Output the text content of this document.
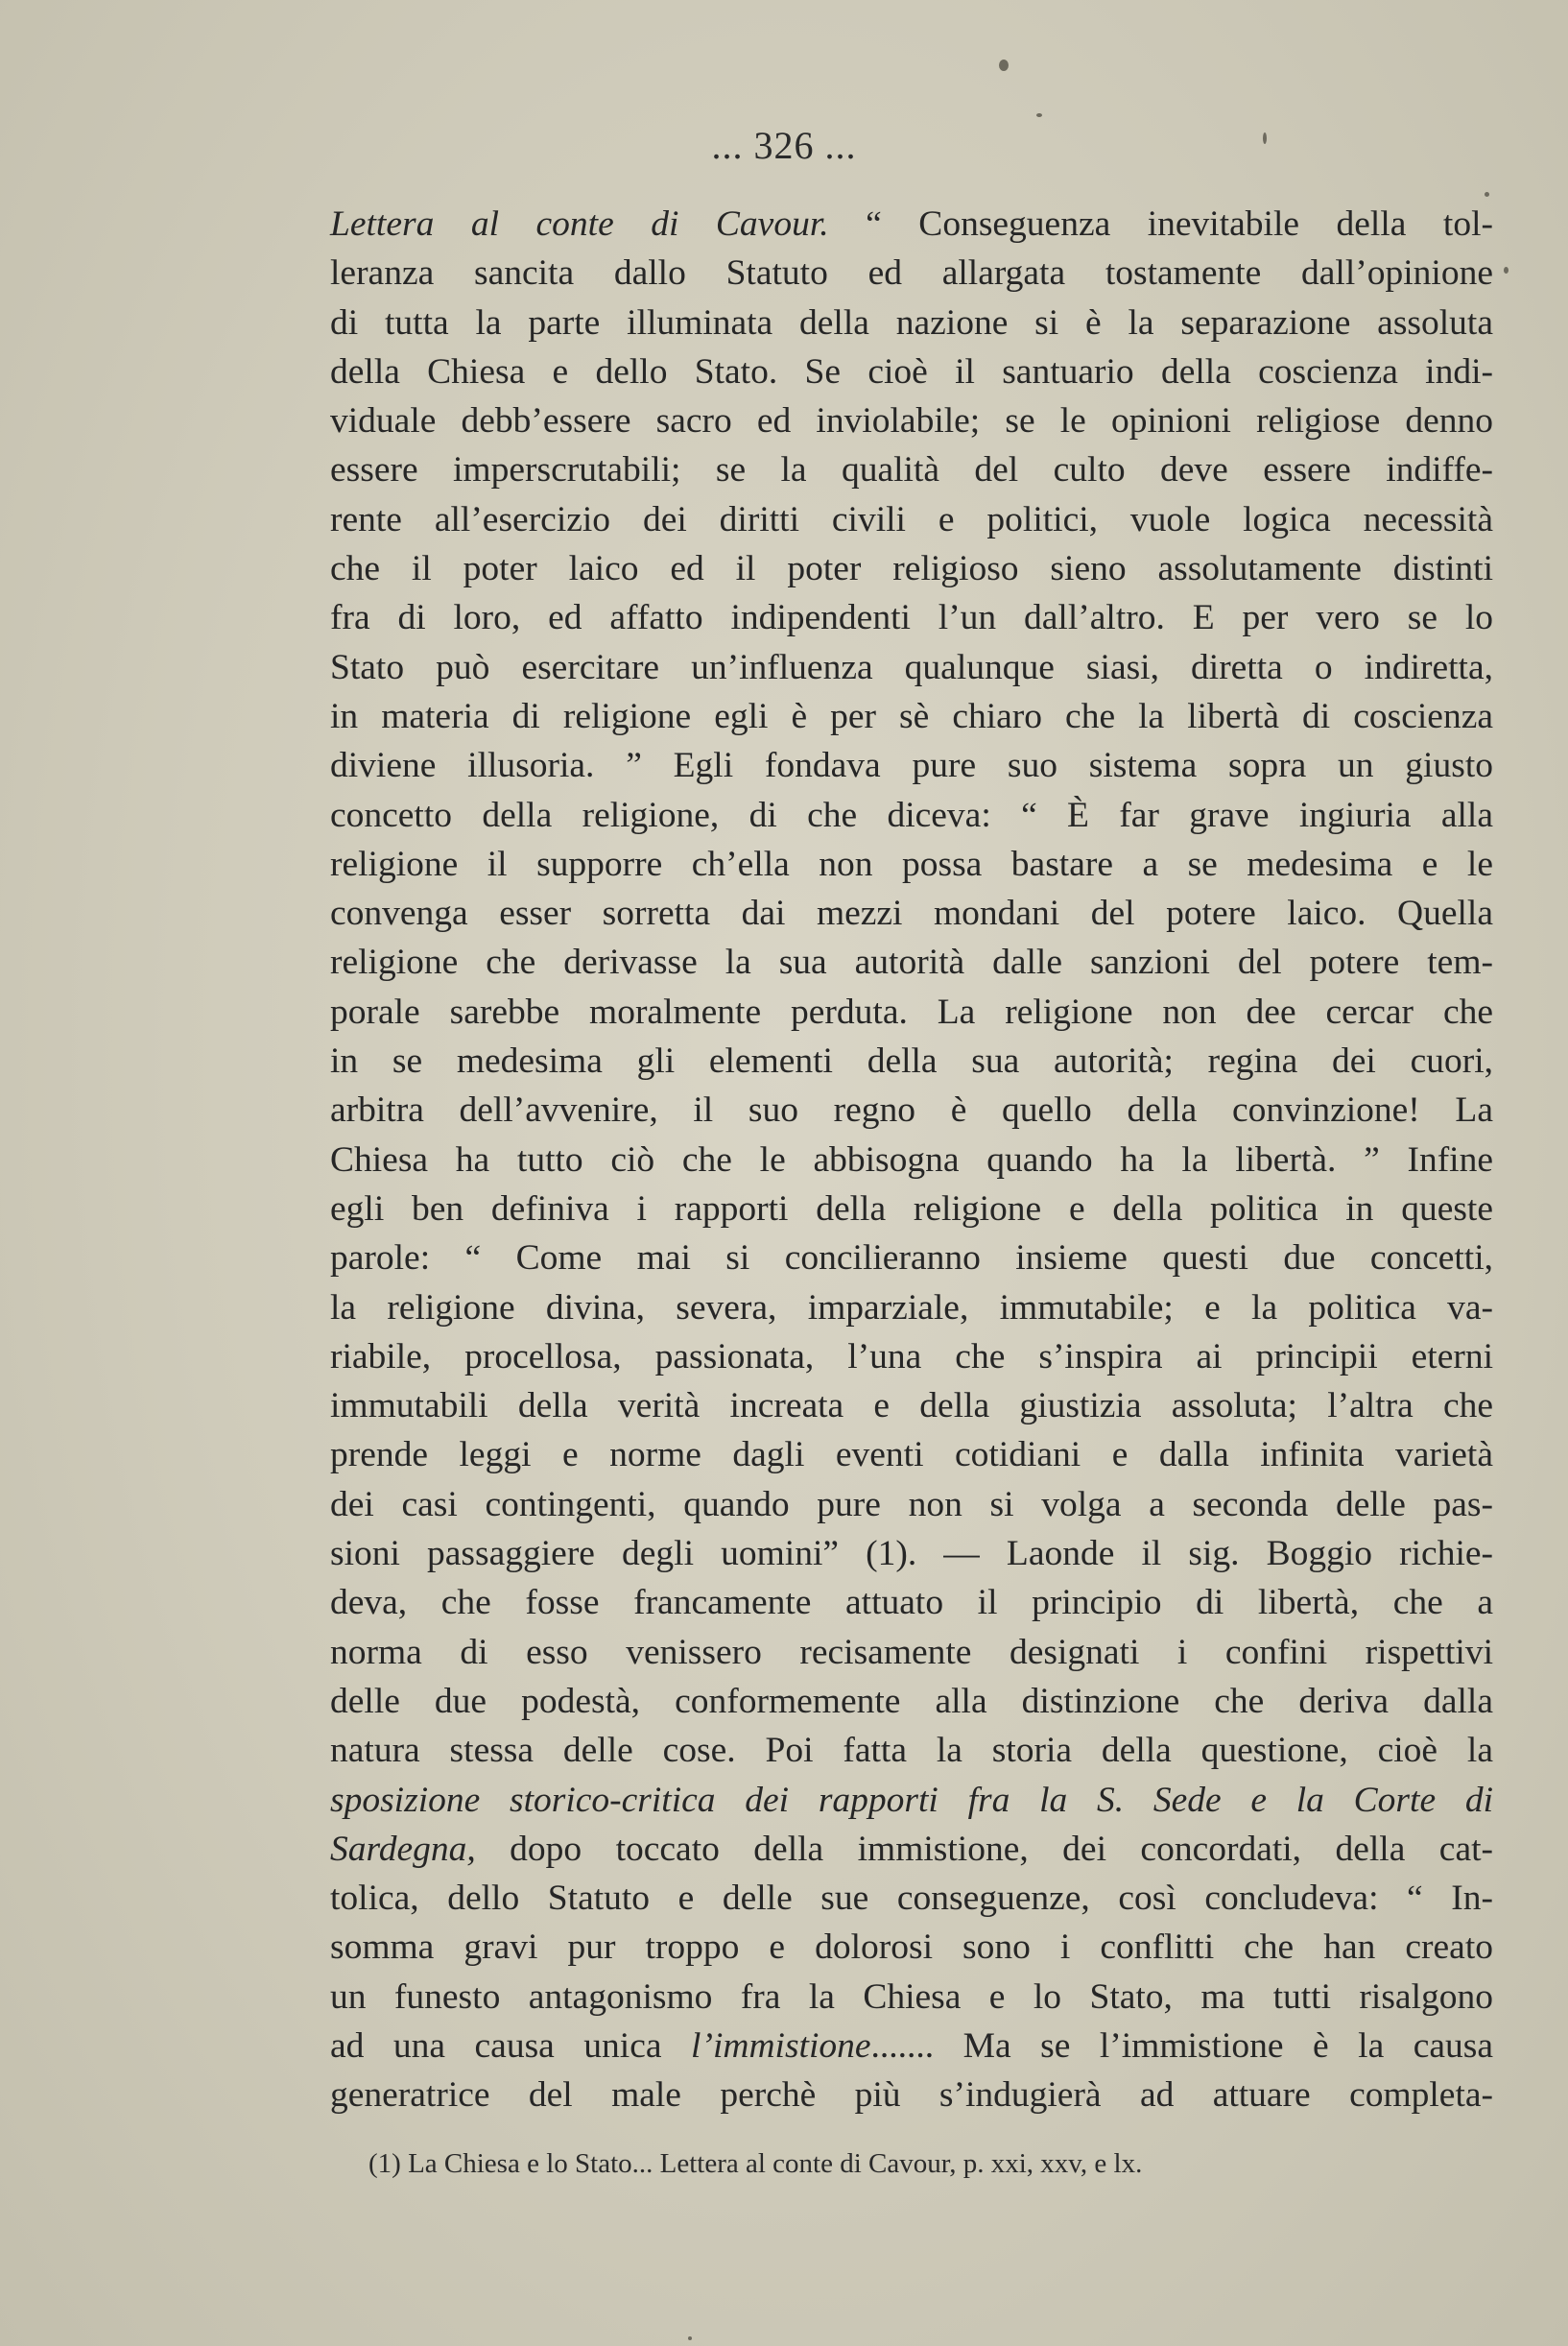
... 326 ...
Lettera al conte di Cavour. “ Conseguenza inevitabile della tol-
leranza sancita dallo Statuto ed allargata tostamente dall’opinione
di tutta la parte illuminata della nazione si è la separazione assoluta
della Chiesa e dello Stato. Se cioè il santuario della coscienza indi-
viduale debb’essere sacro ed inviolabile; se le opinioni religiose denno
essere imperscrutabili; se la qualità del culto deve essere indiffe-
rente all’esercizio dei diritti civili e politici, vuole logica necessità
che il poter laico ed il poter religioso sieno assolutamente distinti
fra di loro, ed affatto indipendenti l’un dall’altro. E per vero se lo
Stato può esercitare un’influenza qualunque siasi, diretta o indiretta,
in materia di religione egli è per sè chiaro che la libertà di coscienza
diviene illusoria. ” Egli fondava pure suo sistema sopra un giusto
concetto della religione, di che diceva: “ È far grave ingiuria alla
religione il supporre ch’ella non possa bastare a se medesima e le
convenga esser sorretta dai mezzi mondani del potere laico. Quella
religione che derivasse la sua autorità dalle sanzioni del potere tem-
porale sarebbe moralmente perduta. La religione non dee cercar che
in se medesima gli elementi della sua autorità; regina dei cuori,
arbitra dell’avvenire, il suo regno è quello della convinzione! La
Chiesa ha tutto ciò che le abbisogna quando ha la libertà. ” Infine
egli ben definiva i rapporti della religione e della politica in queste
parole: “ Come mai si concilieranno insieme questi due concetti,
la religione divina, severa, imparziale, immutabile; e la politica va-
riabile, procellosa, passionata, l’una che s’inspira ai principii eterni
immutabili della verità increata e della giustizia assoluta; l’altra che
prende leggi e norme dagli eventi cotidiani e dalla infinita varietà
dei casi contingenti, quando pure non si volga a seconda delle pas-
sioni passaggiere degli uomini” (1). — Laonde il sig. Boggio richie-
deva, che fosse francamente attuato il principio di libertà, che a
norma di esso venissero recisamente designati i confini rispettivi
delle due podestà, conformemente alla distinzione che deriva dalla
natura stessa delle cose. Poi fatta la storia della questione, cioè la
sposizione storico-critica dei rapporti fra la S. Sede e la Corte di
Sardegna, dopo toccato della immistione, dei concordati, della cat-
tolica, dello Statuto e delle sue conseguenze, così concludeva: “ In-
somma gravi pur troppo e dolorosi sono i conflitti che han creato
un funesto antagonismo fra la Chiesa e lo Stato, ma tutti risalgono
ad una causa unica l’immistione....... Ma se l’immistione è la causa
generatrice del male perchè più s’indugierà ad attuare completa-
(1) La Chiesa e lo Stato... Lettera al conte di Cavour, p. xxi, xxv, e lx.
